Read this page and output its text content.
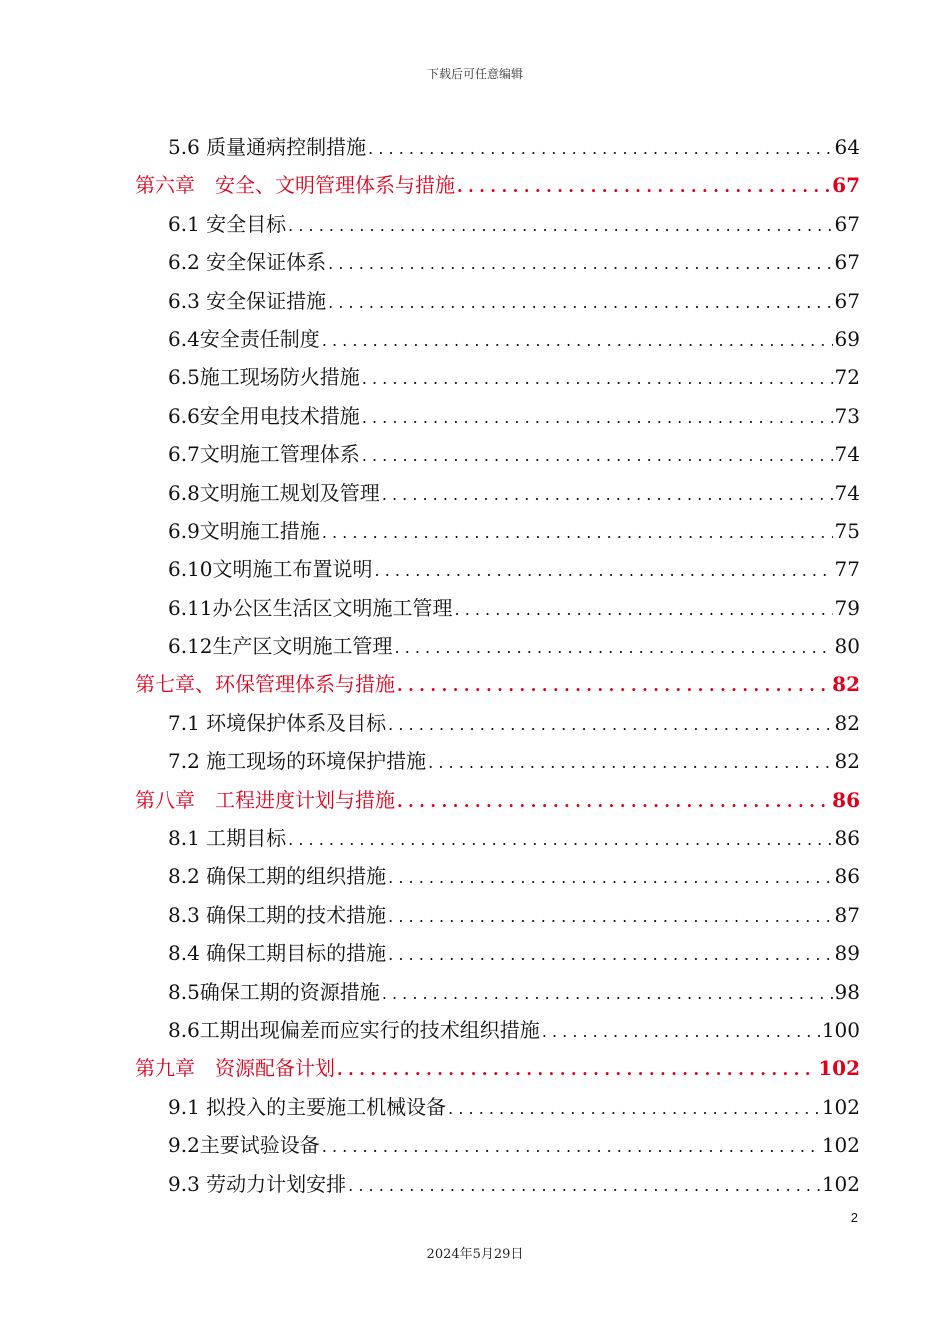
下载后可任意编辑
5.6 质量通病控制措施 . . .	64
第六章　安全、文明管理体系与措施 . . .	67
6.1 安全目标 . . .	67
6.2 安全保证体系 . . .	67
6.3 安全保证措施 . . .	67
6.4安全责任制度 . . .	69
6.5施工现场防火措施 . . .	72
6.6安全用电技术措施 . . .	73
6.7文明施工管理体系 . . .	74
6.8文明施工规划及管理 . . .	74
6.9文明施工措施 . . .	75
6.10文明施工布置说明 . . .	77
6.11办公区生活区文明施工管理 . . .	79
6.12生产区文明施工管理 . . .	80
第七章、环保管理体系与措施 . . .	82
7.1 环境保护体系及目标 . . .	82
7.2 施工现场的环境保护措施 . . .	82
第八章　工程进度计划与措施 . . .	86
8.1 工期目标 . . .	86
8.2 确保工期的组织措施 . . .	86
8.3 确保工期的技术措施 . . .	87
8.4 确保工期目标的措施 . . .	89
8.5确保工期的资源措施 . . .	98
8.6工期出现偏差而应实行的技术组织措施 . . .	100
第九章　资源配备计划 . . .	102
9.1 拟投入的主要施工机械设备 . . .	102
9.2主要试验设备 . . .	102
9.3 劳动力计划安排 . . .	102
2
2024年5月29日
